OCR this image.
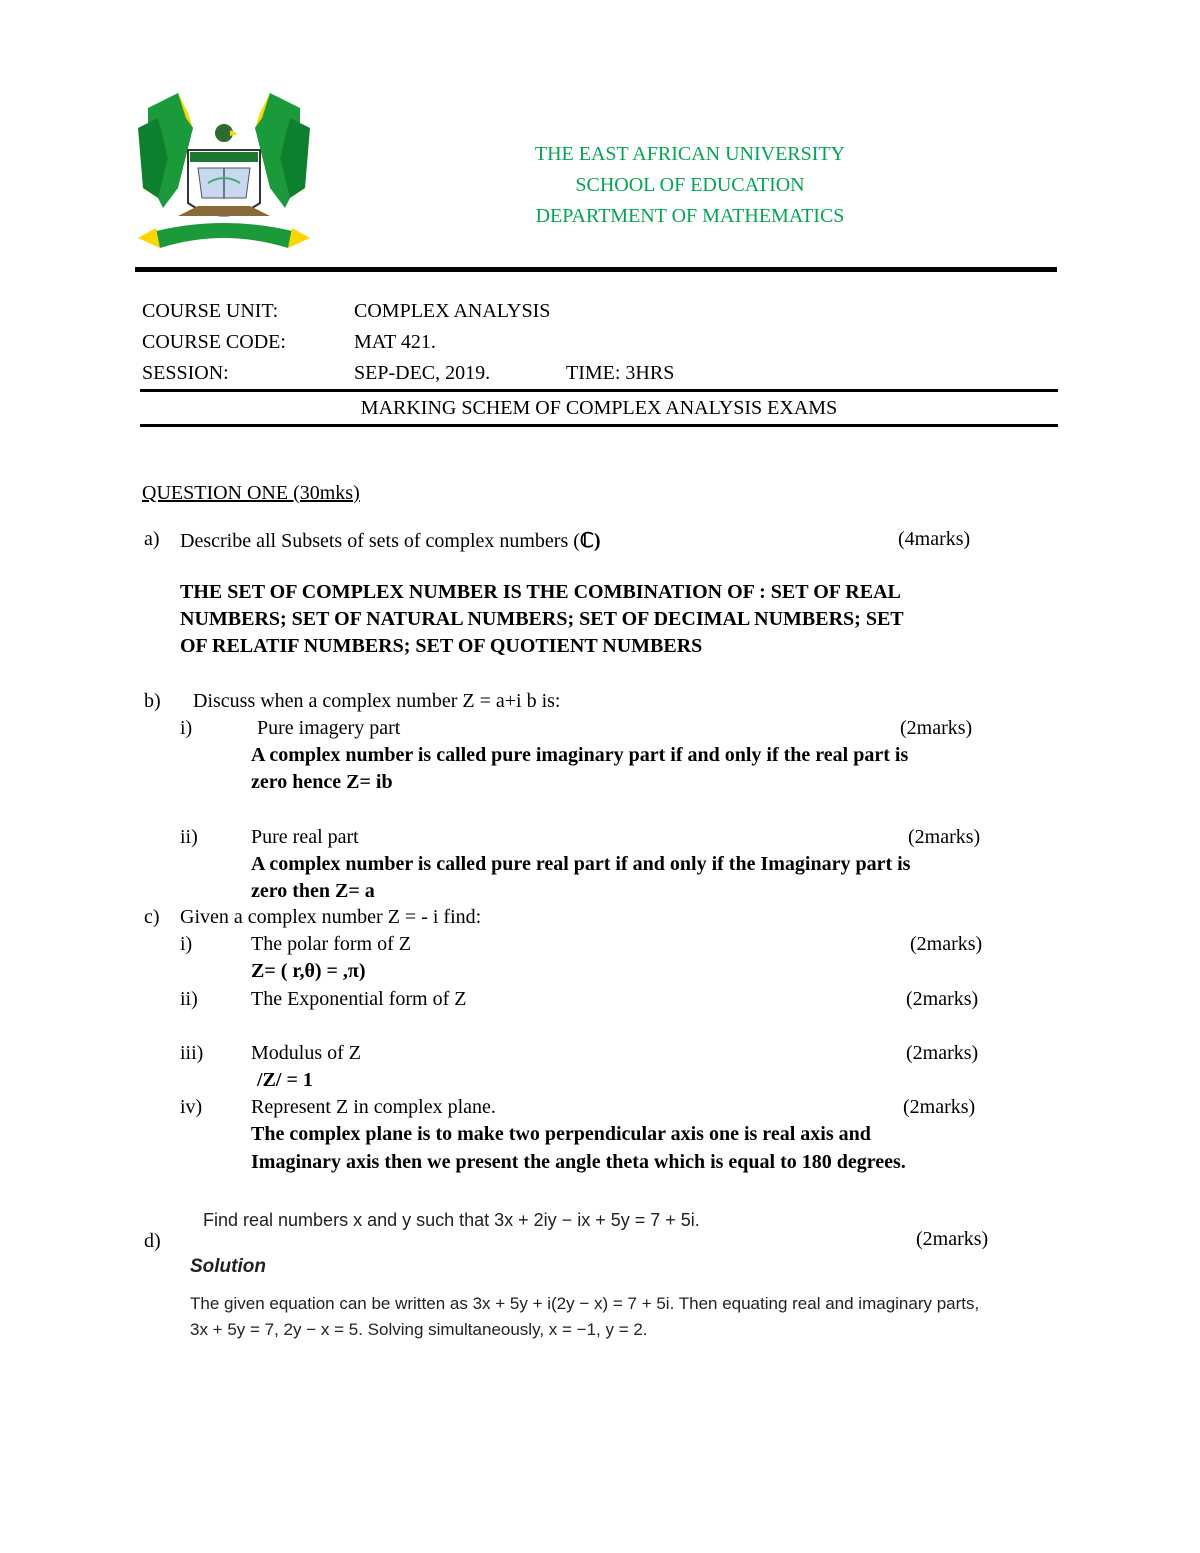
THE EAST AFRICAN UNIVERSITY
SCHOOL OF EDUCATION
DEPARTMENT OF MATHEMATICS
COURSE UNIT:	COMPLEX ANALYSIS
COURSE CODE:	MAT 421.
SESSION:	SEP-DEC, 2019.	TIME: 3HRS
MARKING SCHEM OF COMPLEX ANALYSIS EXAMS
QUESTION ONE (30mks)
a) Describe all Subsets of sets of complex numbers (ℂ)	(4marks)
THE SET OF COMPLEX NUMBER IS THE COMBINATION OF : SET OF REAL
NUMBERS; SET OF NATURAL NUMBERS; SET OF DECIMAL NUMBERS; SET
OF RELATIF NUMBERS; SET OF QUOTIENT NUMBERS
b) Discuss when a complex number Z = a+i b is:
i)	Pure imagery part	(2marks)
A complex number is called pure imaginary part if and only if the real part is
zero hence Z= ib
ii)	Pure real part	(2marks)
A complex number is called pure real part if and only if the Imaginary part is
zero then Z= a
c) Given a complex number Z = - i find:
i)	The polar form of Z	(2marks)
Z= ( r,θ) = ,π)
ii)	The Exponential form of Z	(2marks)
iii) Modulus of Z	(2marks)
/Z/ = 1
iv) Represent Z in complex plane.	(2marks)
The complex plane is to make two perpendicular axis one is real axis and
Imaginary axis then we present the angle theta which is equal to 180 degrees.
Find real numbers x and y such that 3x + 2iy − ix + 5y = 7 + 5i.
d)	(2marks)
Solution
The given equation can be written as 3x + 5y + i(2y − x) = 7 + 5i. Then equating real and imaginary parts,
3x + 5y = 7, 2y − x = 5. Solving simultaneously, x = −1, y = 2.
